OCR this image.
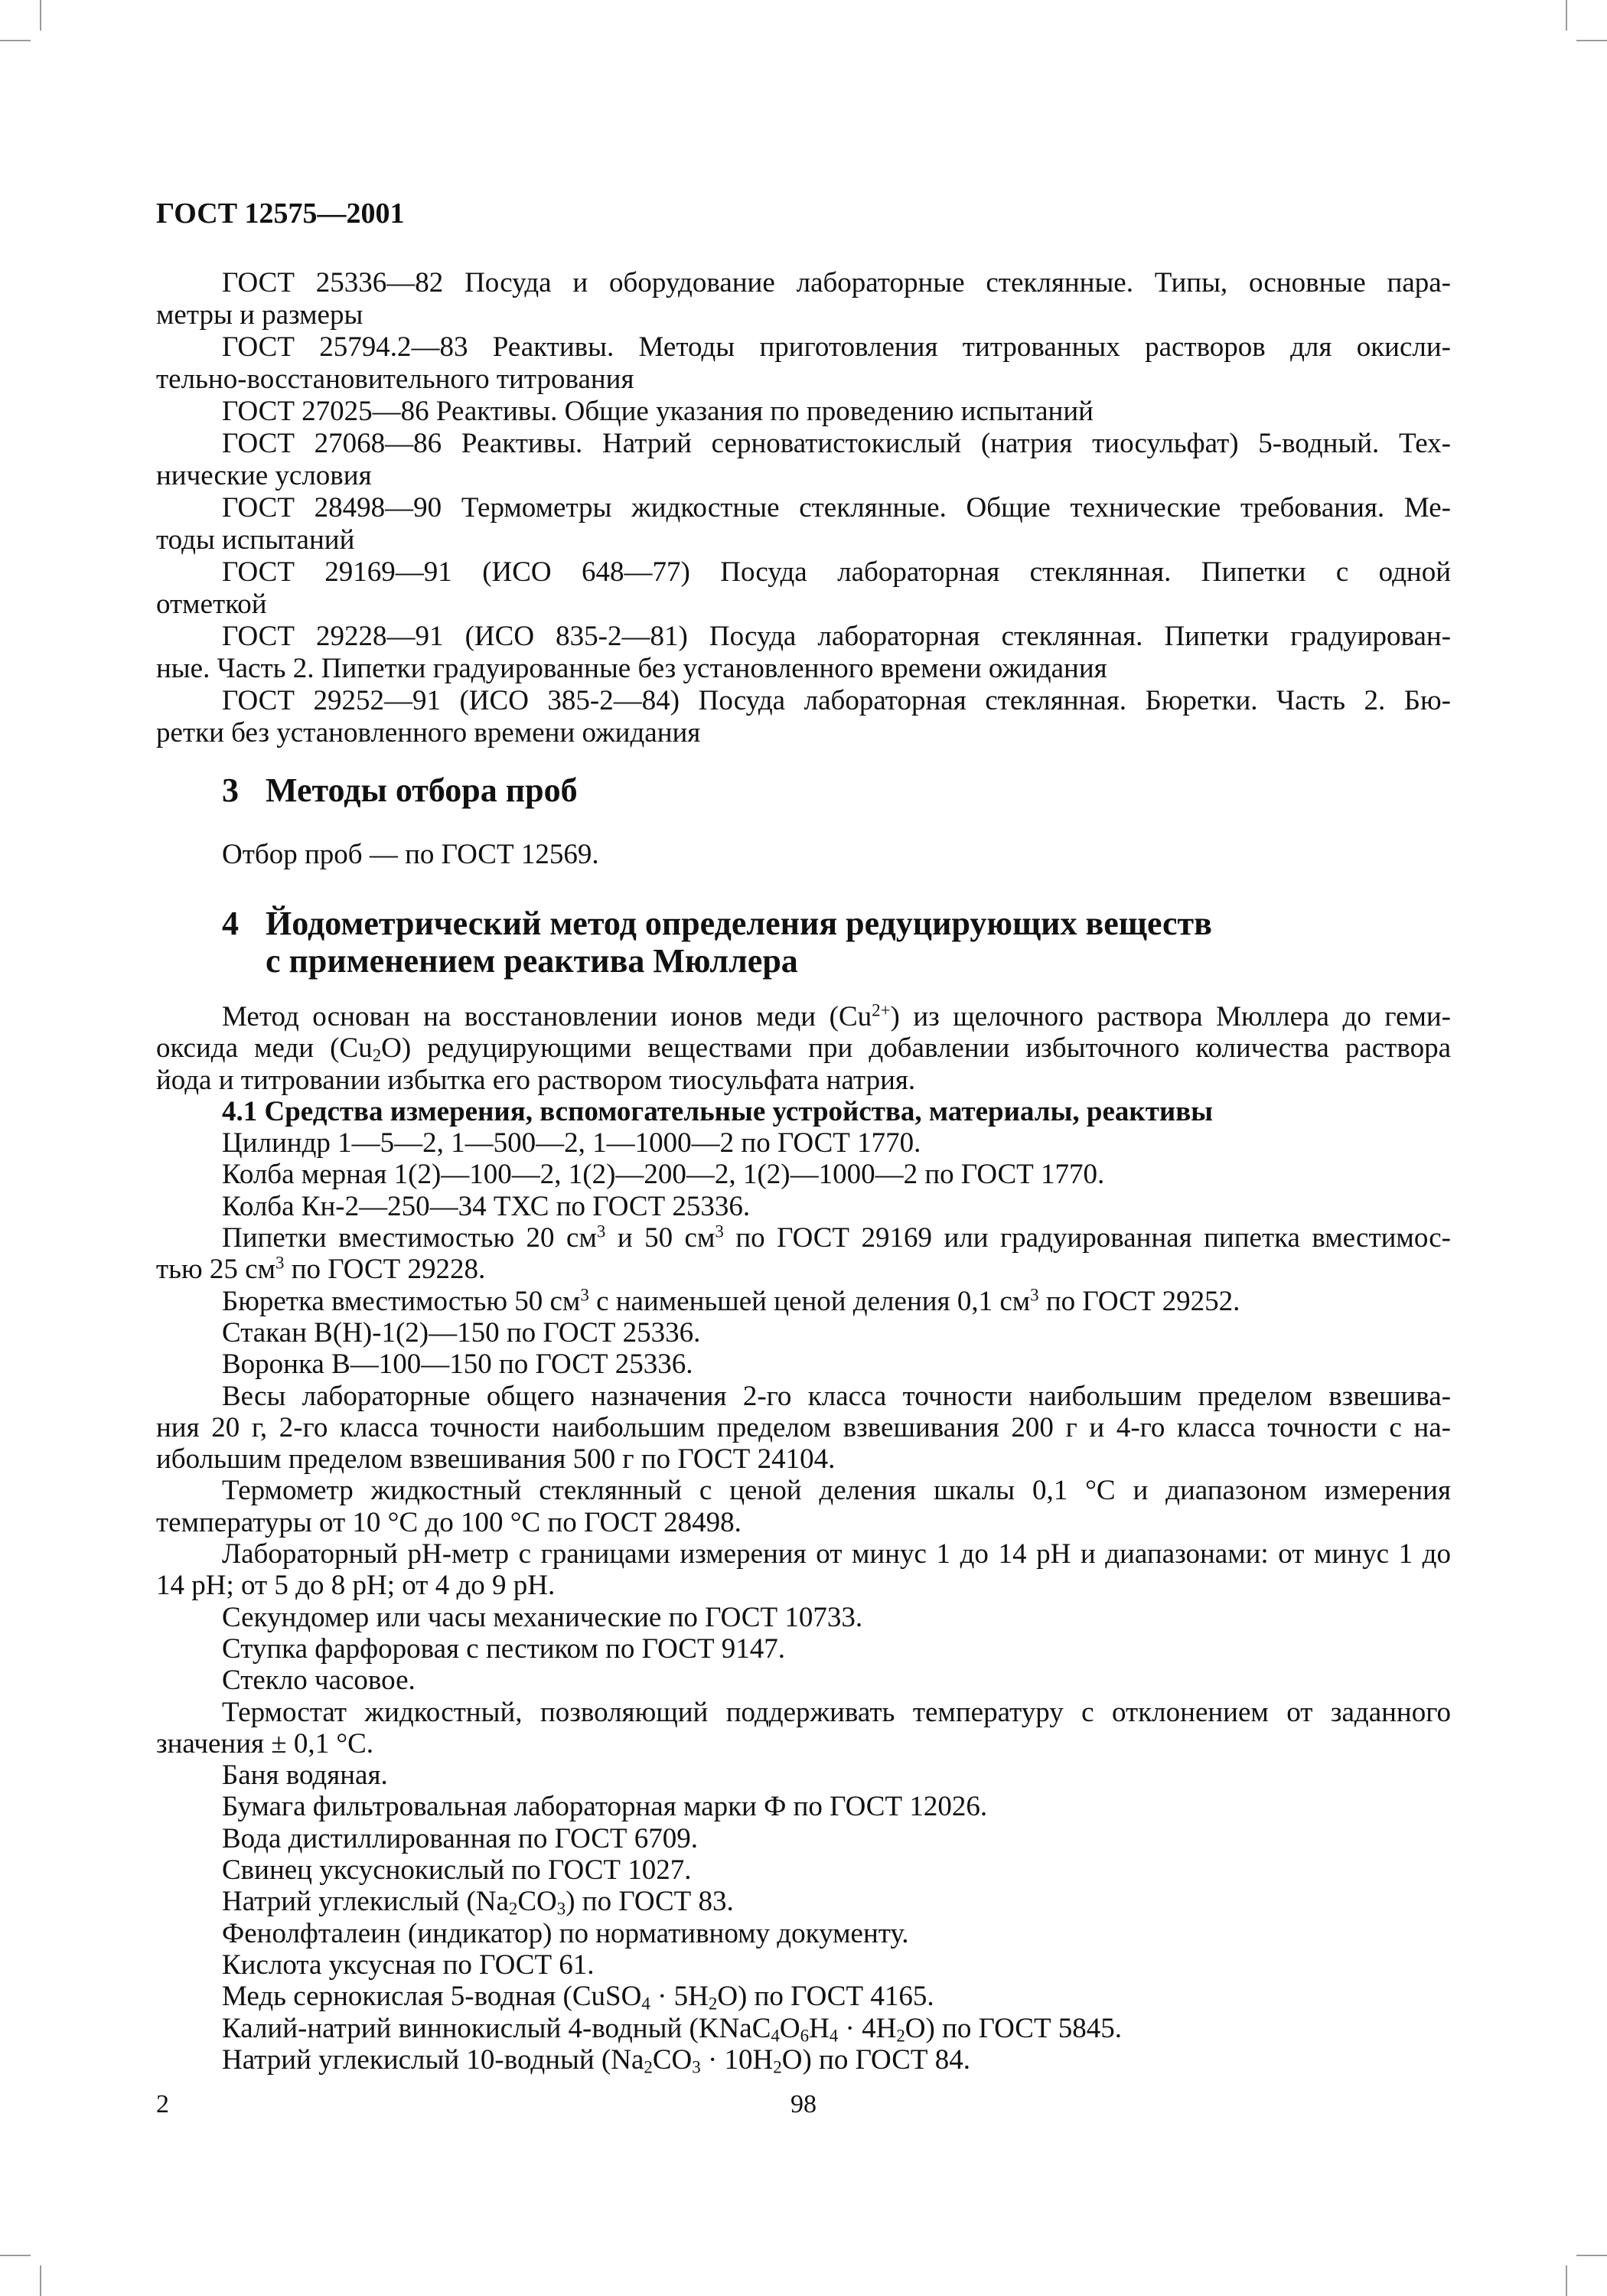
ГОСТ 12575—2001
ГОСТ 25336—82 Посуда и оборудование лабораторные стеклянные. Типы, основные пара-
метры и размеры
ГОСТ 25794.2—83 Реактивы. Методы приготовления титрованных растворов для окисли-
тельно-восстановительного титрования
ГОСТ 27025—86 Реактивы. Общие указания по проведению испытаний
ГОСТ 27068—86 Реактивы. Натрий серноватистокислый (натрия тиосульфат) 5-водный. Тех-
нические условия
ГОСТ 28498—90 Термометры жидкостные стеклянные. Общие технические требования. Ме-
тоды испытаний
ГОСТ 29169—91 (ИСО 648—77) Посуда лабораторная стеклянная. Пипетки с одной
отметкой
ГОСТ 29228—91 (ИСО 835-2—81) Посуда лабораторная стеклянная. Пипетки градуирован-
ные. Часть 2. Пипетки градуированные без установленного времени ожидания
ГОСТ 29252—91 (ИСО 385-2—84) Посуда лабораторная стеклянная. Бюретки. Часть 2. Бю-
ретки без установленного времени ожидания
3 Методы отбора проб
Отбор проб — по ГОСТ 12569.
4 Йодометрический метод определения редуцирующих веществ
с применением реактива Мюллера
Метод основан на восстановлении ионов меди $(Cu^{2+})$ из щелочного раствора Мюллера до геми-
оксида меди $(Cu_2O)$ редуцирующими веществами при добавлении избыточного количества раствора
йода и титровании избытка его раствором тиосульфата натрия.
4.1 Средства измерения, вспомогательные устройства, материалы, реактивы
Цилиндр 1—5—2, 1—500—2, 1—1000—2 по ГОСТ 1770.
Колба мерная 1(2)—100—2, 1(2)—200—2, 1(2)—1000—2 по ГОСТ 1770.
Колба Кн-2—250—34 ТХС по ГОСТ 25336.
Пипетки вместимостью 20 $см^3$ и 50 $см^3$ по ГОСТ 29169 или градуированная пипетка вместимос-
тью 25 $см^3$ по ГОСТ 29228.
Бюретка вместимостью 50 $см^3$ с наименьшей ценой деления 0,1 $см^3$ по ГОСТ 29252.
Стакан В(Н)-1(2)—150 по ГОСТ 25336.
Воронка В—100—150 по ГОСТ 25336.
Весы лабораторные общего назначения 2-го класса точности наибольшим пределом взвешива-
ния 20 г, 2-го класса точности наибольшим пределом взвешивания 200 г и 4-го класса точности с на-
ибольшим пределом взвешивания 500 г по ГОСТ 24104.
Термометр жидкостный стеклянный с ценой деления шкалы 0,1 °С и диапазоном измерения
температуры от 10 °С до 100 °С по ГОСТ 28498.
Лабораторный рН-метр с границами измерения от минус 1 до 14 рН и диапазонами: от минус 1 до
14 рН; от 5 до 8 рН; от 4 до 9 рН.
Секундомер или часы механические по ГОСТ 10733.
Ступка фарфоровая с пестиком по ГОСТ 9147.
Стекло часовое.
Термостат жидкостный, позволяющий поддерживать температуру с отклонением от заданного
значения ± 0,1 °С.
Баня водяная.
Бумага фильтровальная лабораторная марки Ф по ГОСТ 12026.
Вода дистиллированная по ГОСТ 6709.
Свинец уксуснокислый по ГОСТ 1027.
Натрий углекислый $(Na_2CO_3)$ по ГОСТ 83.
Фенолфталеин (индикатор) по нормативному документу.
Кислота уксусная по ГОСТ 61.
Медь сернокислая 5-водная (CuSO$_4$ · $5H_2O$) по ГОСТ 4165.
Калий-натрий виннокислый 4-водный $(KNaC_4O_6H_4 \cdot 4H_2O)$ по ГОСТ 5845.
Натрий углекислый 10-водный $(Na_2CO_3 \cdot 10H_2O)$ по ГОСТ 84.
2	98
